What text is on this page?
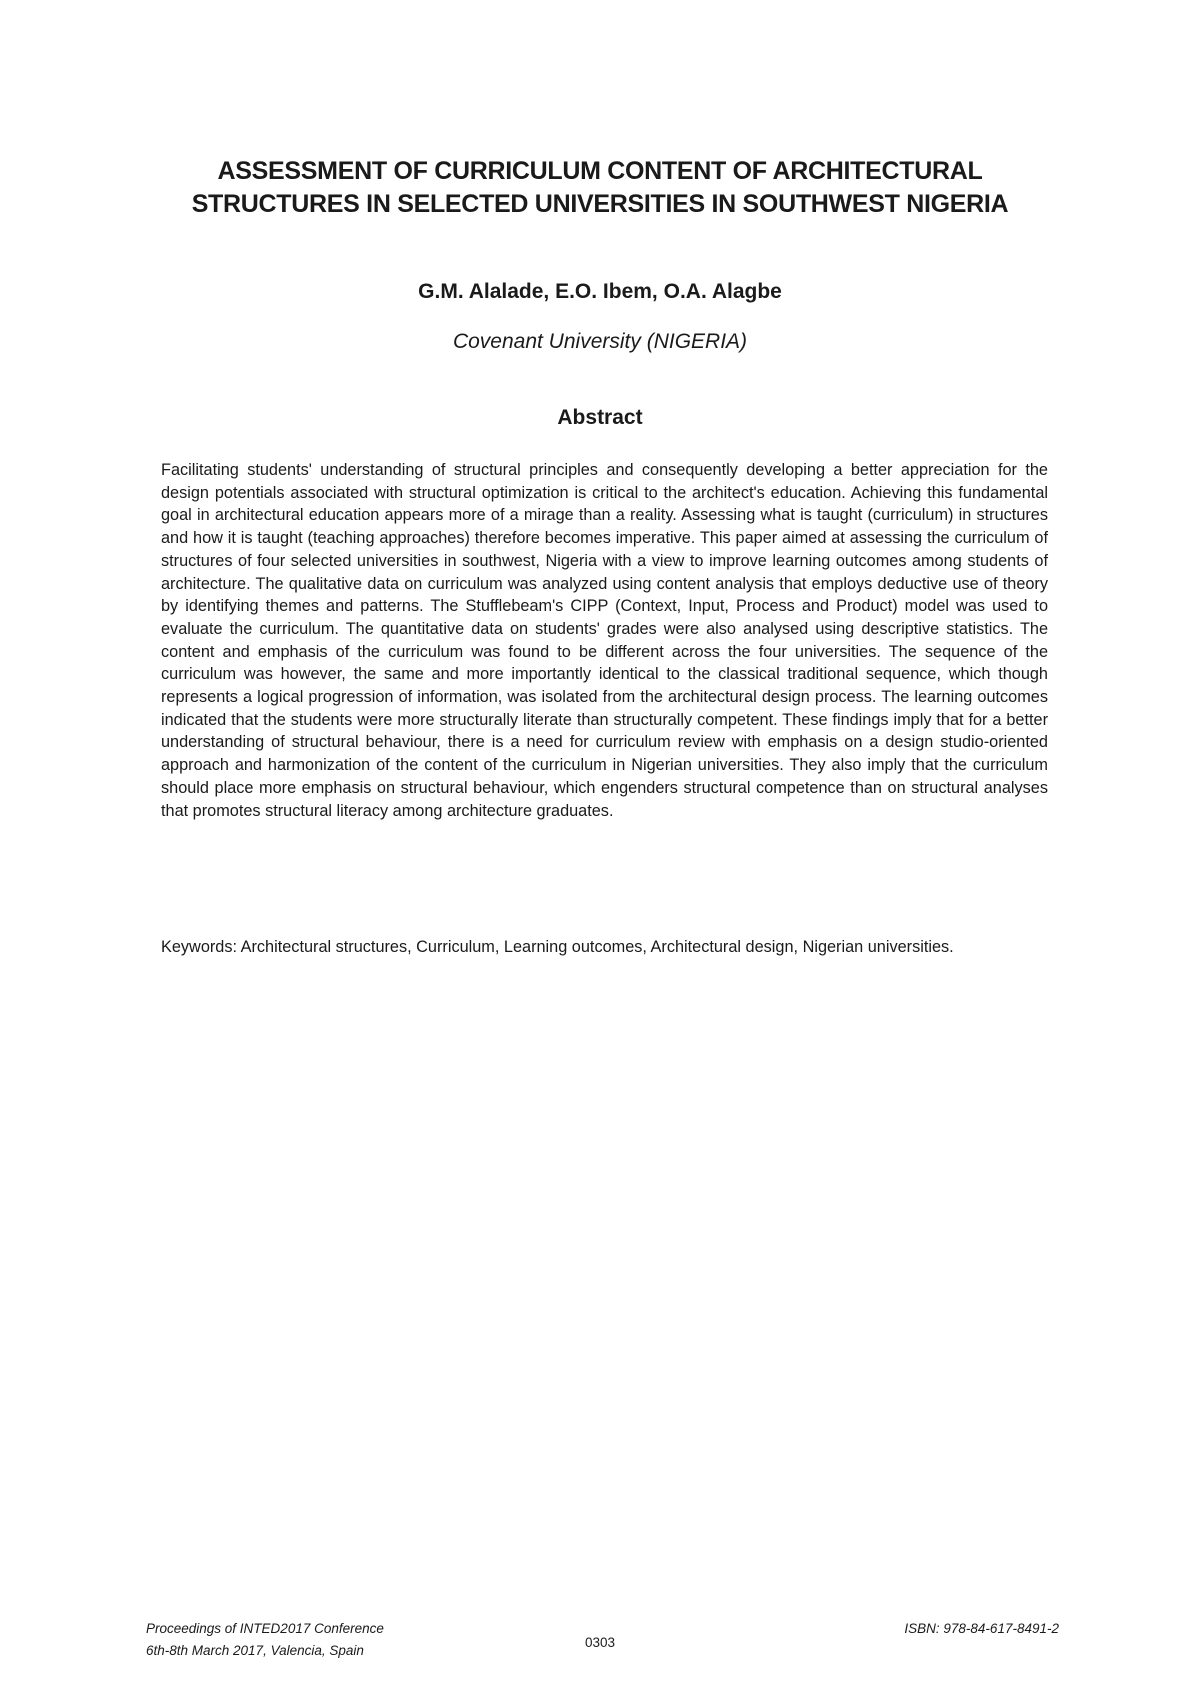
ASSESSMENT OF CURRICULUM CONTENT OF ARCHITECTURAL STRUCTURES IN SELECTED UNIVERSITIES IN SOUTHWEST NIGERIA

G.M. Alalade, E.O. Ibem, O.A. Alagbe

Covenant University (NIGERIA)

Abstract

Facilitating students' understanding of structural principles and consequently developing a better appreciation for the design potentials associated with structural optimization is critical to the architect's education. Achieving this fundamental goal in architectural education appears more of a mirage than a reality. Assessing what is taught (curriculum) in structures and how it is taught (teaching approaches) therefore becomes imperative. This paper aimed at assessing the curriculum of structures of four selected universities in southwest, Nigeria with a view to improve learning outcomes among students of architecture. The qualitative data on curriculum was analyzed using content analysis that employs deductive use of theory by identifying themes and patterns. The Stufflebeam's CIPP (Context, Input, Process and Product) model was used to evaluate the curriculum. The quantitative data on students' grades were also analysed using descriptive statistics. The content and emphasis of the curriculum was found to be different across the four universities. The sequence of the curriculum was however, the same and more importantly identical to the classical traditional sequence, which though represents a logical progression of information, was isolated from the architectural design process. The learning outcomes indicated that the students were more structurally literate than structurally competent. These findings imply that for a better understanding of structural behaviour, there is a need for curriculum review with emphasis on a design studio-oriented approach and harmonization of the content of the curriculum in Nigerian universities. They also imply that the curriculum should place more emphasis on structural behaviour, which engenders structural competence than on structural analyses that promotes structural literacy among architecture graduates.

Keywords: Architectural structures, Curriculum, Learning outcomes, Architectural design, Nigerian universities.

Proceedings of INTED2017 Conference
6th-8th March 2017, Valencia, Spain
0303
ISBN: 978-84-617-8491-2
